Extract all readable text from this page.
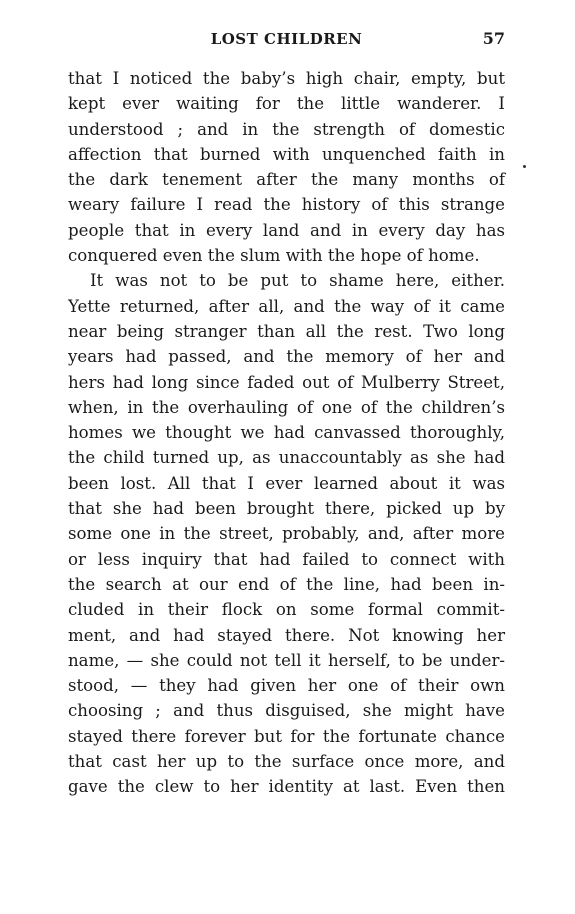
LOST CHILDREN	57
that I noticed the baby’s high chair, empty, but
kept ever waiting for the little wanderer. I
understood ; and in the strength of domestic
affection that burned with unquenched faith in
the dark tenement after the many months of
weary failure I read the history of this strange
people that in every land and in every day has
conquered even the slum with the hope of home.
It was not to be put to shame here, either.
Yette returned, after all, and the way of it came
near being stranger than all the rest. Two long
years had passed, and the memory of her and
hers had long since faded out of Mulberry Street,
when, in the overhauling of one of the children’s
homes we thought we had canvassed thoroughly,
the child turned up, as unaccountably as she had
been lost. All that I ever learned about it was
that she had been brought there, picked up by
some one in the street, probably, and, after more
or less inquiry that had failed to connect with
the search at our end of the line, had been in-
cluded in their flock on some formal commit-
ment, and had stayed there. Not knowing her
name, — she could not tell it herself, to be under-
stood, — they had given her one of their own
choosing ; and thus disguised, she might have
stayed there forever but for the fortunate chance
that cast her up to the surface once more, and
gave the clew to her identity at last. Even then
